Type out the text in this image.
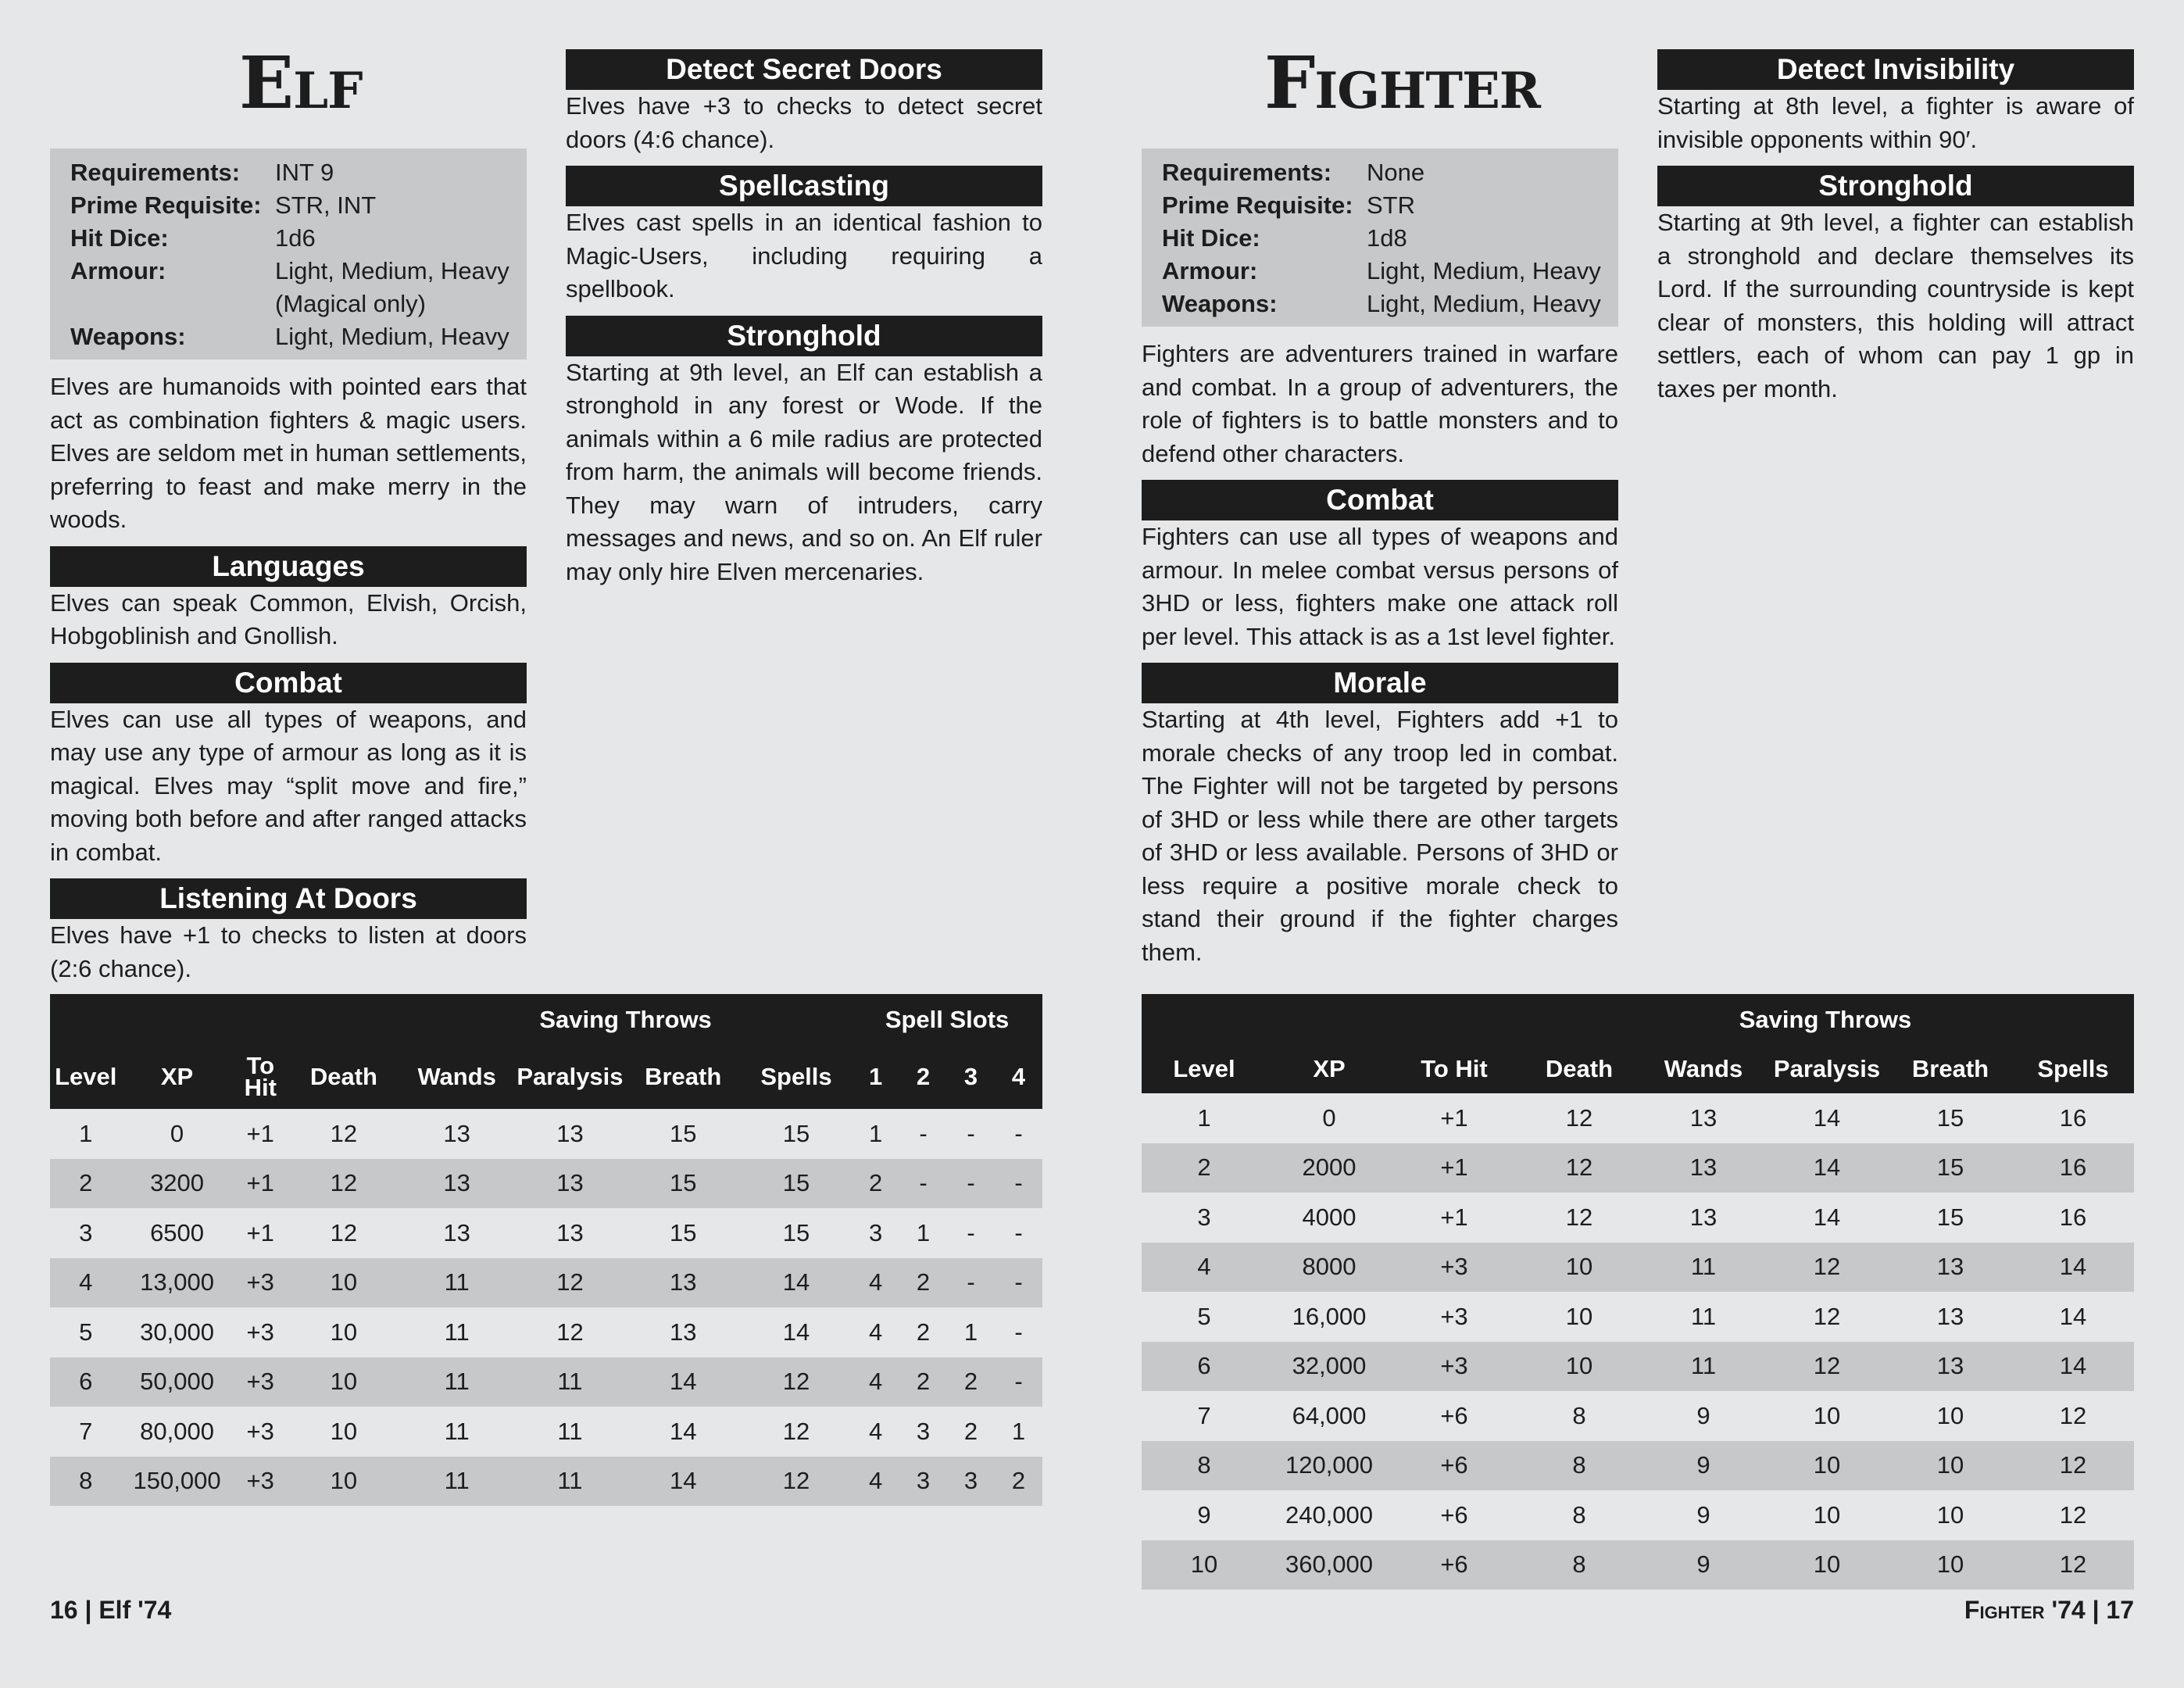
Elf
Requirements:	INT 9
Prime Requisite: STR, INT
Hit Dice:	1d6
Armour:	Light, Medium, Heavy (Magical only)
Weapons:	Light, Medium, Heavy
Elves are humanoids with pointed ears that act as combination fighters & magic users. Elves are seldom met in human settlements, preferring to feast and make merry in the woods.
Languages
Elves can speak Common, Elvish, Orcish, Hobgoblinish and Gnollish.
Combat
Elves can use all types of weapons, and may use any type of armour as long as it is magical. Elves may “split move and fire,” moving both before and after ranged attacks in combat.
Listening At Doors
Elves have +1 to checks to listen at doors (2:6 chance).
Detect Secret Doors
Elves have +3 to checks to detect secret doors (4:6 chance).
Spellcasting
Elves cast spells in an identical fashion to Magic-Users, including requiring a spellbook.
Stronghold
Starting at 9th level, an Elf can establish a stronghold in any forest or Wode. If the animals within a 6 mile radius are protected from harm, the animals will become friends. They may warn of intruders, carry messages and news, and so on. An Elf ruler may only hire Elven mercenaries.
				Saving Throws				Spell Slots			
Level	XP	To Hit	Death	Wands	Paralysis	Breath	Spells	1	2	3	4
1	0	+1	12	13	13	15	15	1	-	-	-
2	3200	+1	12	13	13	15	15	2	-	-	-
3	6500	+1	12	13	13	15	15	3	1	-	-
4	13,000	+3	10	11	12	13	14	4	2	-	-
5	30,000	+3	10	11	12	13	14	4	2	1	-
6	50,000	+3	10	11	11	14	12	4	2	2	-
7	80,000	+3	10	11	11	14	12	4	3	2	1
8	150,000	+3	10	11	11	14	12	4	3	3	2
16 | Elf '74
Fighter
Requirements:	None
Prime Requisite: STR
Hit Dice:	1d8
Armour:	Light, Medium, Heavy
Weapons:	Light, Medium, Heavy
Fighters are adventurers trained in warfare and combat. In a group of adventurers, the role of fighters is to battle monsters and to defend other characters.
Combat
Fighters can use all types of weapons and armour. In melee combat versus persons of 3HD or less, fighters make one attack roll per level. This attack is as a 1st level fighter.
Morale
Starting at 4th level, Fighters add +1 to morale checks of any troop led in combat. The Fighter will not be targeted by persons of 3HD or less while there are other targets of 3HD or less available. Persons of 3HD or less require a positive morale check to stand their ground if the fighter charges them.
Detect Invisibility
Starting at 8th level, a fighter is aware of invisible opponents within 90′.
Stronghold
Starting at 9th level, a fighter can establish a stronghold and declare themselves its Lord. If the surrounding countryside is kept clear of monsters, this holding will attract settlers, each of whom can pay 1 gp in taxes per month.
			Saving Throws				
Level	XP	To Hit	Death	Wands	Paralysis	Breath	Spells
1	0	+1	12	13	14	15	16
2	2000	+1	12	13	14	15	16
3	4000	+1	12	13	14	15	16
4	8000	+3	10	11	12	13	14
5	16,000	+3	10	11	12	13	14
6	32,000	+3	10	11	12	13	14
7	64,000	+6	8	9	10	10	12
8	120,000	+6	8	9	10	10	12
9	240,000	+6	8	9	10	10	12
10	360,000	+6	8	9	10	10	12
Fighter '74 | 17
